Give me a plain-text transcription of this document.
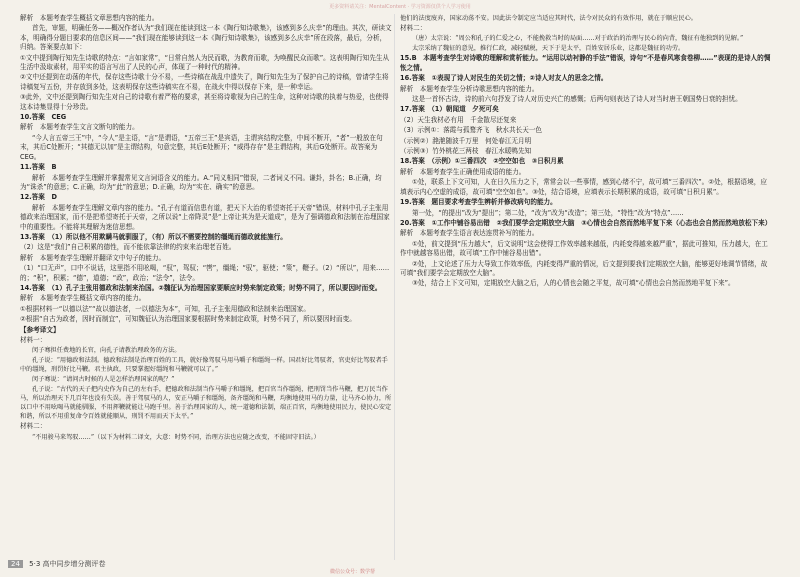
更多资料请关注：MentalContent · 学习资源仅供个人学习使用
解析　本题考查学生概括文章思想内容的能力。
首先，审题，明确任务——概况作者认为“我们现在能读到这一本《陶行知诗歌集》，该感到多么庆幸”的理由。其次，研读文本，明确得分题目要求的信息区间——“我们现在能够读到这一本《陶行知诗歌集》，该感到多么庆幸”所在段落，最后，分析，归纳。答案要点如下：
①文中提到陶行知先生诗歌的特点：“言如家常”，“日常自然人为民而歌，为教育而歌，为唤醒民众而歌”。这表明陶行知先生从生活中汲取素材，用平实的语言写出了人民的心声，体现了一种时代的精神。
②文中还提到在动荡的年代，保存这些诗歌十分不易，一些诗稿在战乱中遗失了，陶行知先生为了保护自己的诗稿，曾请学生将诗稿复写五份，并存放到多处，这表明保存这些诗稿实在不易，在战火中得以保存下来，是一种幸运。
③此外，文中还提到陶行知先生对自己的诗歌有着严格的要求，甚至将诗歌视为自己的生命，这种对诗歌的执着与热爱，也使得这本诗集显得十分珍贵。
10.答案　CEG
解析　本题考查学生文言文断句的能力。
“今人言五帝三王”中，“今人”是主语，“言”是谓语，“五帝三王”是宾语，主谓宾结构完整，中间不断开，“者”一般放在句末，其后C处断开；“其德无以加”是主谓结构，句意完整，其后E处断开；“威得存存”是主谓结构，其后G处断开。故答案为CEG。
11.答案　B
解析　本题考查学生理解并掌握常见文言词语含义的能力。A.“同义相同”错误，二者词义不同。谦卦，卦名；B.正确，均为“诛杀”的意思；C.正确，均为“此”的意思；D.正确，均为“实在、确实”的意思。
12.答案　D
解析　本题考查学生理解文章内容的能力。“孔子有道而信患有道，把天下大治的希望寄托于天帝”错误，材料中孔子主张用德政来治理国家，而不是把希望寄托于天帝，之所以说“上帝降灵”是“上帝让其为是天道成”，是为了强调德政和法制在治理国家中的重要性。不能将其理解为迷信思想。
13.答案　（1）所以他不用欺瞒马就驯服了，（有）所以不需要控制的缰绳而德政就能施行。
（2）这是“我们”自己积累的德性，而不能依靠法律的约束来治理老百姓。
解析　本题考查学生理解并翻译文中句子的能力。
（1）“口无声”，口中不说话，这里指不用吆喝，“驭”，驾驭；“辔”，缰绳；“驭”，驱使；“策”，鞭子。（2）“所以”，用来……的；“积”，积累；“德”，道德；“政”，政治；“法令”，法令。
14.答案　（1）孔子主张用德政和法制来治国。②魏征认为治理国家要顺应时势来制定政策；时势不同了，所以要因时而变。
解析　本题考查学生概括文章内容的能力。
①根据材料一“以德以法”“故以德法者，一以德法为本”，可知，孔子主张用德政和法制来治理国家。
②根据“自古为政者，因时而制宜”，可知魏征认为治理国家要根据时势来制定政策，时势不同了，所以要因时而变。
【参考译文】
材料一：
闵子骞担任费地的长官，向孔子请教治理政务的方法。
孔子说：“用德政和法制。德政和法制是治理百姓的工具，就好像驾驭马用马嚼子和缰绳一样。国君好比驾驭者，官吏好比驾驭者手中的缰绳，刑罚好比马鞭。君主执政，只要掌握好缰绳和马鞭就可以了。”
闵子骞说：“请问古时候的人是怎样治理国家的呢？”
孔子说：“古代的天子把内史作为自己的左右手，把德政和法制当作马嚼子和缰绳，把百官当作缰绳，把刑罚当作马鞭，把万民当作马，所以治理天下几百年也没有失误。善于驾驭马的人，安正马嚼子和缰绳，备齐缰绳和马鞭，均衡地使用马的力量，让马齐心协力，所以口中不用吆喝马就能驯服，不用挥鞭就能让马跑千里。善于治理国家的人，统一道德和法制，端正百官，均衡地使用民力，使民心安定和谐，所以不用重复命令百姓就能顺从，刑罚不用而天下太平。”
材料二：
“不用骏马来驾驭……”（以下为材料二译文，大意：时势不同，治理方法也应随之改变，不能固守旧法。）
他们的法度废弃，国家动荡不安。因此法令制定应当适应其时代，法令对民众的有效作用，就在于顺应民心。
材料二：
（唐）太宗说：“周公和孔子的仁爱之心，不能挽救当时的局面……对于政治的治理与民心的向背，魏征有他独到的见解。”
太宗采纳了魏征的意见，推行仁政，减轻赋税，天下于是太平，百姓安居乐业，这都是魏征的功劳。
15.B　本题考查学生对诗歌的理解和赏析能力。“运用以动衬静的手法”错误，诗句“不是春风寒食卷柳……”表现的是诗人的惆怅之情。
16.答案　①表现了诗人对民生的关切之情；②诗人对友人的思念之情。
解析　本题考查学生分析诗歌思想内容的能力。
这是一首怀古诗，诗的前六句抒发了诗人对历史兴亡的感慨；后两句则表达了诗人对当时唐王朝国势日衰的担忧。
17.答案　（1）朝闻道　夕死可矣
（2）天生我材必有用　千金散尽还复来
（3）示例①：落霞与孤鹜齐飞　秋水共长天一色
（示例②）滟滟随波千万里　何处春江无月明
（示例③）竹外桃花三两枝　春江水暖鸭先知
18.答案　（示例）①三番四次　②空空如也　③日积月累
解析　本题考查学生正确使用成语的能力。
①处，联系上下文可知，人在日久压力之下，常常会以一些事情，感到心绪不宁，故可填“三番四次”。②处，根据语境，应填表示内心空虚的成语，故可填“空空如也”。③处，结合语境，应填表示长期积累的成语，故可填“日积月累”。
19.答案　题目要求考查学生辨析并修改病句的能力。
第一处，“的提出”改为“提出”；第二处，“改为”改为“改造”；第三处，“特性”改为“特点”……
20.答案　①工作中铺谷易出错　②我们要学会定期放空大脑　③心情也会自然而然地平复下来（心态也会自然而然地放松下来）
解析　本题考查学生语言表达连贯补写的能力。
①处，前文提到“压力越大”，后文说明“这会使得工作效率越来越低，内耗变得越来越严重”，据此可推知，压力越大，在工作中就越容易出错，故可填“工作中铺谷易出错”。
②处，上文论述了压力大导致工作效率低，内耗变得严重的情况，后文提到要我们定期放空大脑，能够更好地调节情绪，故可填“我们要学会定期放空大脑”。
③处，结合上下文可知，定期放空大脑之后，人的心情也会随之平复，故可填“心情也会自然而然地平复下来”。
24 5·3 高中同步增分测评卷
微信公众号：数学帮
